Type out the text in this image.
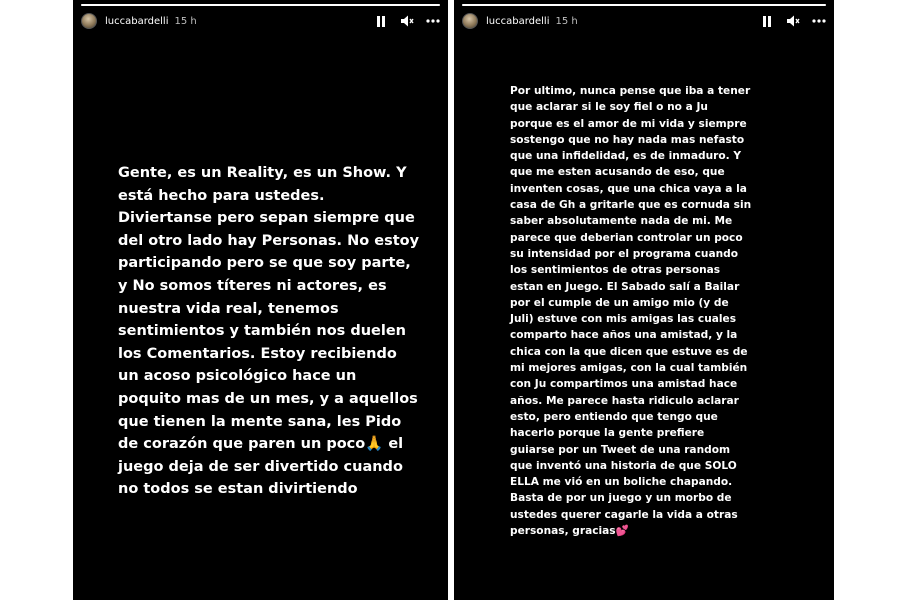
luccabardelli 15 h

Gente, es un Reality, es un Show. Y
está hecho para ustedes.
Diviertanse pero sepan siempre que
del otro lado hay Personas. No estoy
participando pero se que soy parte,
y No somos títeres ni actores, es
nuestra vida real, tenemos
sentimientos y también nos duelen
los Comentarios. Estoy recibiendo
un acoso psicológico hace un
poquito mas de un mes, y a aquellos
que tienen la mente sana, les Pido
de corazón que paren un poco🙏 el
juego deja de ser divertido cuando
no todos se estan divirtiendo

luccabardelli 15 h

Por ultimo, nunca pense que iba a tener
que aclarar si le soy fiel o no a Ju
porque es el amor de mi vida y siempre
sostengo que no hay nada mas nefasto
que una infidelidad, es de inmaduro. Y
que me esten acusando de eso, que
inventen cosas, que una chica vaya a la
casa de Gh a gritarle que es cornuda sin
saber absolutamente nada de mi. Me
parece que deberian controlar un poco
su intensidad por el programa cuando
los sentimientos de otras personas
estan en Juego. El Sabado salí a Bailar
por el cumple de un amigo mio (y de
Juli) estuve con mis amigas las cuales
comparto hace años una amistad, y la
chica con la que dicen que estuve es de
mi mejores amigas, con la cual también
con Ju compartimos una amistad hace
años. Me parece hasta ridiculo aclarar
esto, pero entiendo que tengo que
hacerlo porque la gente prefiere
guiarse por un Tweet de una random
que inventó una historia de que SOLO
ELLA me vió en un boliche chapando.
Basta de por un juego y un morbo de
ustedes querer cagarle la vida a otras
personas, gracias💕
